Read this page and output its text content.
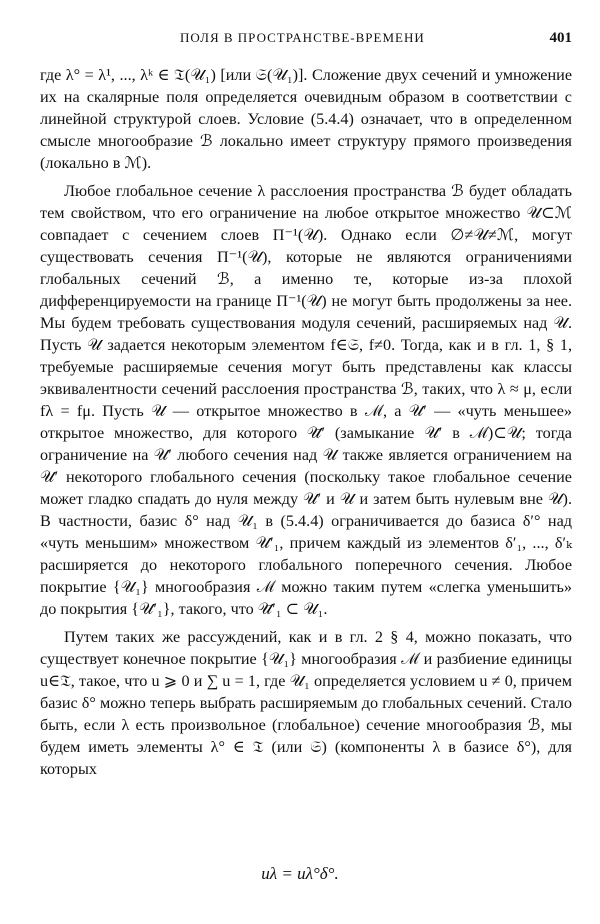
ПОЛЯ В ПРОСТРАНСТВЕ-ВРЕМЕНИ	401

где λ° = λ¹, ..., λᵏ ∈ 𝔗(𝒰₁) [или 𝔖(𝒰₁)]. Сложение двух сечений и умножение их на скалярные поля определяется очевидным образом в соответствии с линейной структурой слоев. Условие (5.4.4) означает, что в определенном смысле многообразие ℬ локально имеет структуру прямого произведения (локально в ℳ).

Любое глобальное сечение λ расслоения пространства ℬ будет обладать тем свойством, что его ограничение на любое открытое множество 𝒰⊂ℳ совпадает с сечением слоев Π⁻¹(𝒰). Однако если ∅≠𝒰≠ℳ, могут существовать сечения Π⁻¹(𝒰), которые не являются ограничениями глобальных сечений ℬ, а именно те, которые из-за плохой дифференцируемости на границе Π⁻¹(𝒰) не могут быть продолжены за нее. Мы будем требовать существования модуля сечений, расширяемых над 𝒰. Пусть 𝒰 задается некоторым элементом f∈𝔖, f≠0. Тогда, как и в гл. 1, § 1, требуемые расширяемые сечения могут быть представлены как классы эквивалентности сечений расслоения пространства ℬ, таких, что λ ≈ μ, если fλ = fμ. Пусть 𝒰 — открытое множество в ℳ, а 𝒰′ — «чуть меньшее» открытое множество, для которого 𝒰̄′ (замыкание 𝒰′ в ℳ)⊂𝒰; тогда ограничение на 𝒰′ любого сечения над 𝒰 также является ограничением на 𝒰′ некоторого глобального сечения (поскольку такое глобальное сечение может гладко спадать до нуля между 𝒰′ и 𝒰 и затем быть нулевым вне 𝒰). В частности, базис δ° над 𝒰₁ в (5.4.4) ограничивается до базиса δ′° над «чуть меньшим» множеством 𝒰′₁, причем каждый из элементов δ′₁, ..., δ′ₖ расширяется до некоторого глобального поперечного сечения. Любое покрытие {𝒰₁} многообразия ℳ можно таким путем «слегка уменьшить» до покрытия {𝒰′₁}, такого, что 𝒰̄′₁ ⊂ 𝒰₁.

Путем таких же рассуждений, как и в гл. 2 § 4, можно показать, что существует конечное покрытие {𝒰₁} многообразия ℳ и разбиение единицы u∈𝔗, такое, что u ⩾ 0 и ∑ u = 1, где 𝒰₁ определяется условием u ≠ 0, причем базис δ° можно теперь выбрать расширяемым до глобальных сечений. Стало быть, если λ есть произвольное (глобальное) сечение многообразия ℬ, мы будем иметь элементы λ° ∈ 𝔗 (или 𝔖) (компоненты λ в базисе δ°), для которых

uλ = uλ°δ°.
